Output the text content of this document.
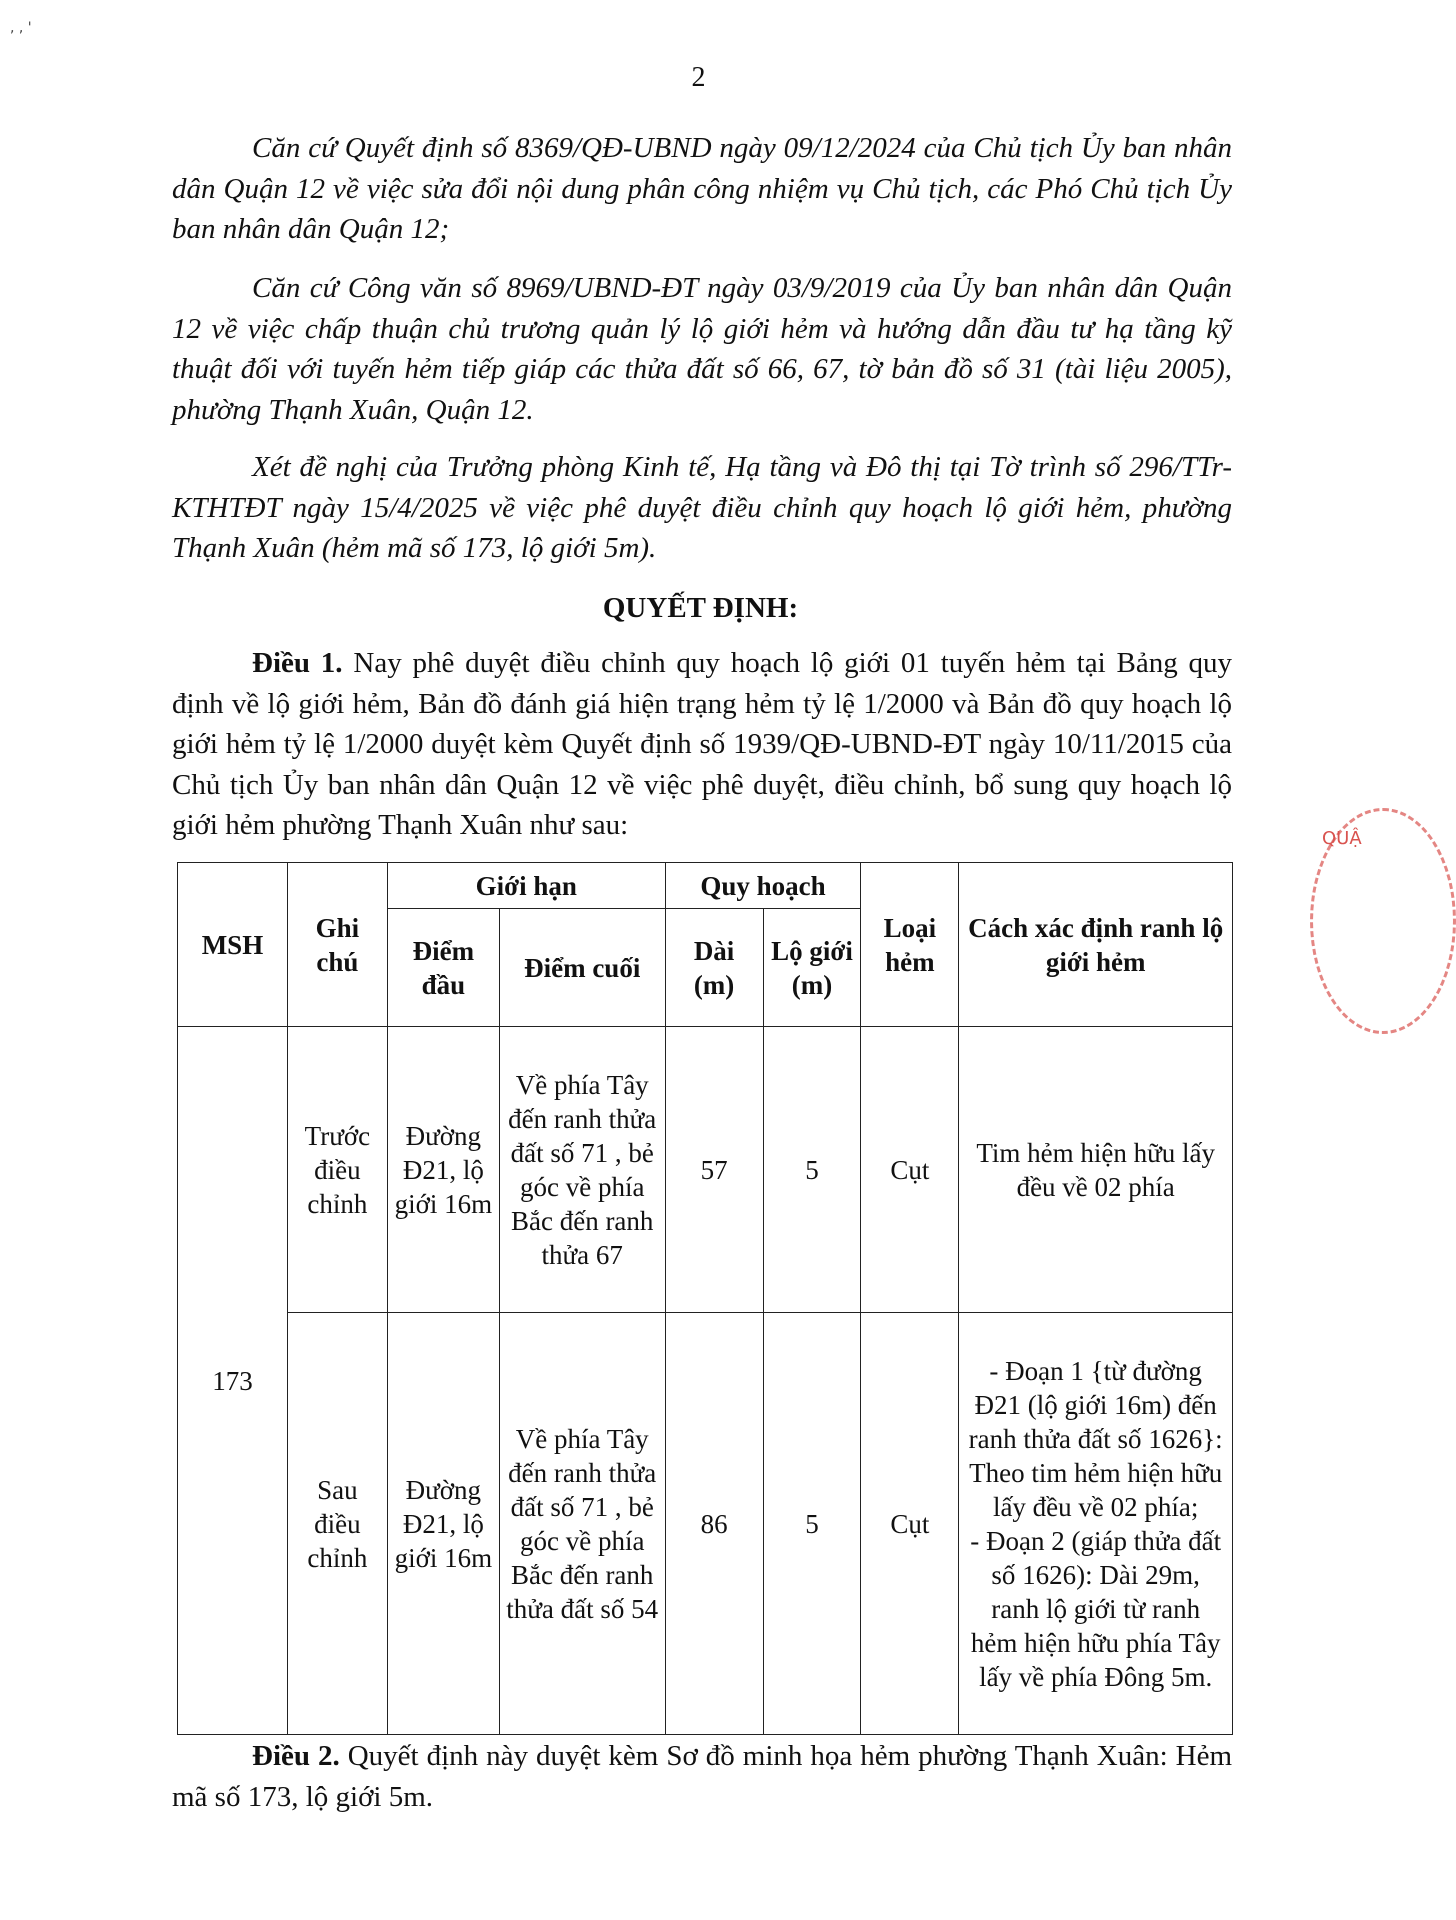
, , '
2

Căn cứ Quyết định số 8369/QĐ-UBND ngày 09/12/2024 của Chủ tịch Ủy ban nhân dân Quận 12 về việc sửa đổi nội dung phân công nhiệm vụ Chủ tịch, các Phó Chủ tịch Ủy ban nhân dân Quận 12;

Căn cứ Công văn số 8969/UBND-ĐT ngày 03/9/2019 của Ủy ban nhân dân Quận 12 về việc chấp thuận chủ trương quản lý lộ giới hẻm và hướng dẫn đầu tư hạ tầng kỹ thuật đối với tuyến hẻm tiếp giáp các thửa đất số 66, 67, tờ bản đồ số 31 (tài liệu 2005), phường Thạnh Xuân, Quận 12.

Xét đề nghị của Trưởng phòng Kinh tế, Hạ tầng và Đô thị tại Tờ trình số 296/TTr-KTHTĐT ngày 15/4/2025 về việc phê duyệt điều chỉnh quy hoạch lộ giới hẻm, phường Thạnh Xuân (hẻm mã số 173, lộ giới 5m).

QUYẾT ĐỊNH:

Điều 1. Nay phê duyệt điều chỉnh quy hoạch lộ giới 01 tuyến hẻm tại Bảng quy định về lộ giới hẻm, Bản đồ đánh giá hiện trạng hẻm tỷ lệ 1/2000 và Bản đồ quy hoạch lộ giới hẻm tỷ lệ 1/2000 duyệt kèm Quyết định số 1939/QĐ-UBND-ĐT ngày 10/11/2015 của Chủ tịch Ủy ban nhân dân Quận 12 về việc phê duyệt, điều chỉnh, bổ sung quy hoạch lộ giới hẻm phường Thạnh Xuân như sau:

MSH	Ghi chú	Giới hạn		Quy hoạch		Loại hẻm	Cách xác định ranh lộ giới hẻm
		Điểm đầu	Điểm cuối	Dài (m)	Lộ giới (m)		
173	Trước điều chỉnh	Đường Đ21, lộ giới 16m	Về phía Tây đến ranh thửa đất số 71 , bẻ góc về phía Bắc đến ranh thửa 67	57	5	Cụt	Tim hẻm hiện hữu lấy đều về 02 phía
	Sau điều chỉnh	Đường Đ21, lộ giới 16m	Về phía Tây đến ranh thửa đất số 71 , bẻ góc về phía Bắc đến ranh thửa đất số 54	86	5	Cụt	- Đoạn 1 {từ đường Đ21 (lộ giới 16m) đến ranh thửa đất số 1626}: Theo tim hẻm hiện hữu lấy đều về 02 phía;
- Đoạn 2 (giáp thửa đất số 1626): Dài 29m, ranh lộ giới từ ranh hẻm hiện hữu phía Tây lấy về phía Đông 5m.

Điều 2. Quyết định này duyệt kèm Sơ đồ minh họa hẻm phường Thạnh Xuân: Hẻm mã số 173, lộ giới 5m.

QUẬ
